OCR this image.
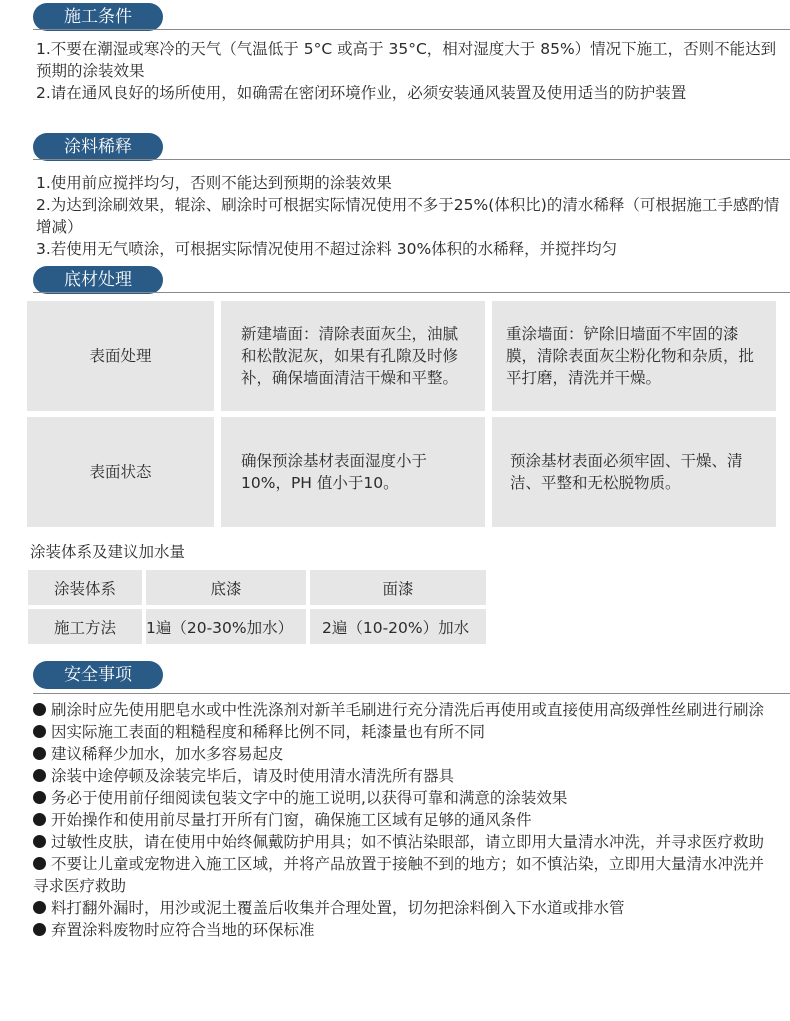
施工条件

1.不要在潮湿或寒冷的天气（气温低于 5°C 或高于 35°C，相对湿度大于 85%）情况下施工，否则不能达到预期的涂装效果

2.请在通风良好的场所使用，如确需在密闭环境作业，必须安装通风装置及使用适当的防护装置

涂料稀释

1.使用前应搅拌均匀，否则不能达到预期的涂装效果

2.为达到涂刷效果，辊涂、刷涂时可根据实际情况使用不多于25%(体积比)的清水稀释（可根据施工手感酌情增减）

3.若使用无气喷涂，可根据实际情况使用不超过涂料 30%体积的水稀释，并搅拌均匀

底材处理
表面处理	新建墙面：清除表面灰尘，油腻和松散泥灰，如果有孔隙及时修补，确保墙面清洁干燥和平整。	重涂墙面：铲除旧墙面不牢固的漆膜，清除表面灰尘粉化物和杂质，批平打磨，清洗并干燥。
表面状态	确保预涂基材表面湿度小于 10%，PH 值小于10。	预涂基材表面必须牢固、干燥、清洁、平整和无松脱物质。
涂装体系及建议加水量
涂装体系	底漆	面漆
施工方法	1遍（20-30%加水）	2遍（10-20%）加水
安全事项
刷涂时应先使用肥皂水或中性洗涤剂对新羊毛刷进行充分清洗后再使用或直接使用高级弹性丝刷进行刷涂
因实际施工表面的粗糙程度和稀释比例不同，耗漆量也有所不同
建议稀释少加水，加水多容易起皮
涂装中途停顿及涂装完毕后，请及时使用清水清洗所有器具
务必于使用前仔细阅读包装文字中的施工说明,以获得可靠和满意的涂装效果
开始操作和使用前尽量打开所有门窗，确保施工区域有足够的通风条件
过敏性皮肤，请在使用中始终佩戴防护用具；如不慎沾染眼部，请立即用大量清水冲洗，并寻求医疗救助
不要让儿童或宠物进入施工区域，并将产品放置于接触不到的地方；如不慎沾染，立即用大量清水冲洗并寻求医疗救助
料打翻外漏时，用沙或泥土覆盖后收集并合理处置，切勿把涂料倒入下水道或排水管
弃置涂料废物时应符合当地的环保标准
